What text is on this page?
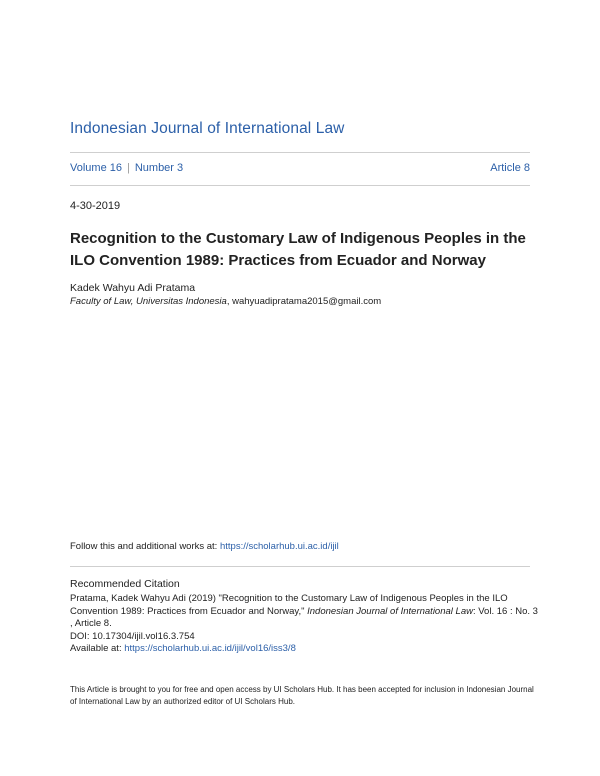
Indonesian Journal of International Law
Volume 16 | Number 3	Article 8
4-30-2019
Recognition to the Customary Law of Indigenous Peoples in the ILO Convention 1989: Practices from Ecuador and Norway
Kadek Wahyu Adi Pratama
Faculty of Law, Universitas Indonesia, wahyuadipratama2015@gmail.com
Follow this and additional works at: https://scholarhub.ui.ac.id/ijil
Recommended Citation
Pratama, Kadek Wahyu Adi (2019) "Recognition to the Customary Law of Indigenous Peoples in the ILO Convention 1989: Practices from Ecuador and Norway," Indonesian Journal of International Law: Vol. 16 : No. 3 , Article 8.
DOI: 10.17304/ijil.vol16.3.754
Available at: https://scholarhub.ui.ac.id/ijil/vol16/iss3/8
This Article is brought to you for free and open access by UI Scholars Hub. It has been accepted for inclusion in Indonesian Journal of International Law by an authorized editor of UI Scholars Hub.
